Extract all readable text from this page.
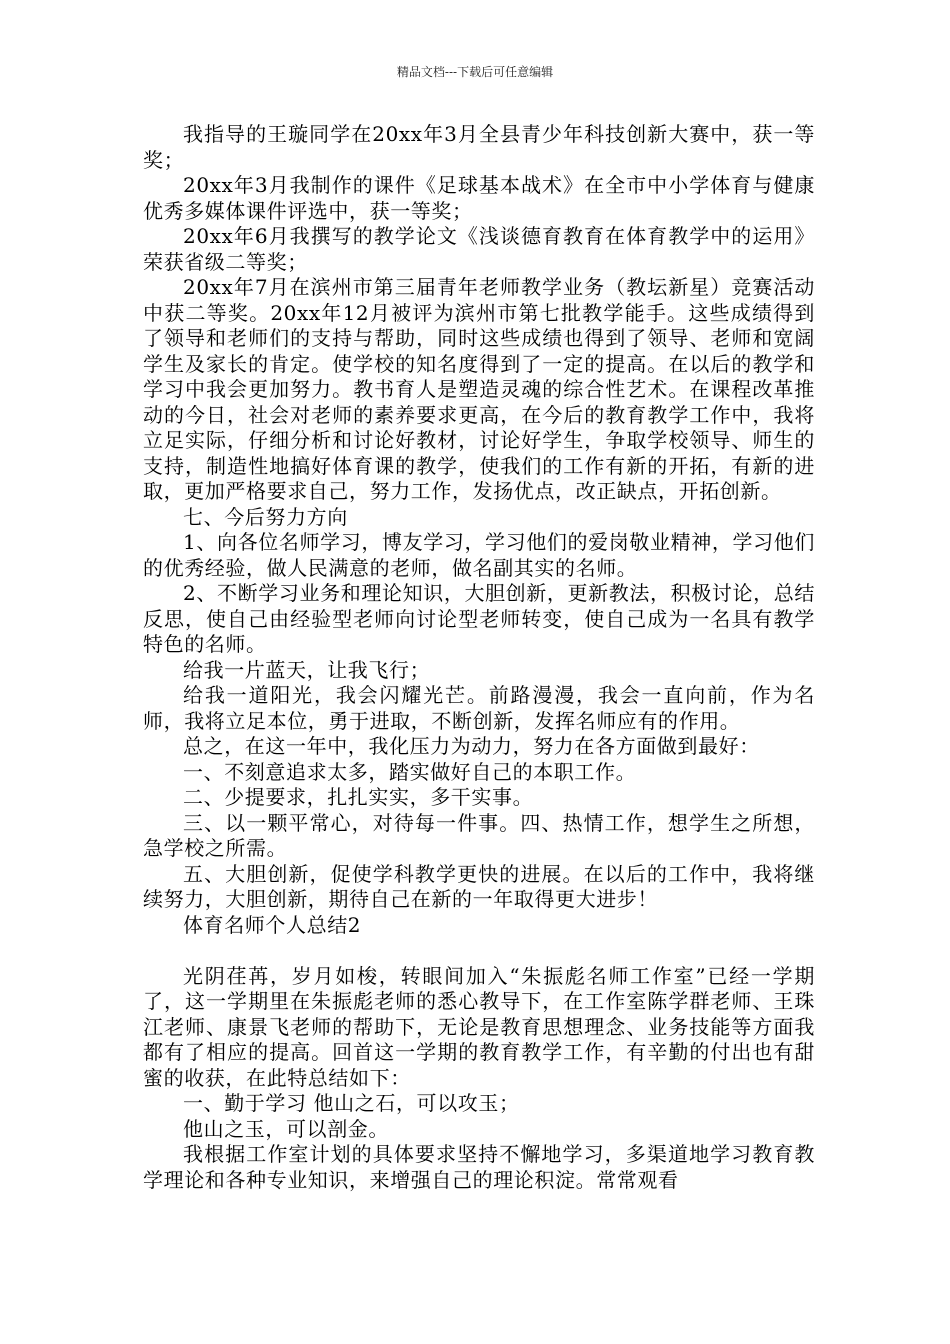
精品文档---下载后可任意编辑

我指导的王璇同学在20xx年3月全县青少年科技创新大赛中，获一等奖；

20xx年3月我制作的课件《足球基本战术》在全市中小学体育与健康优秀多媒体课件评选中，获一等奖；

20xx年6月我撰写的教学论文《浅谈德育教育在体育教学中的运用》荣获省级二等奖；

20xx年7月在滨州市第三届青年老师教学业务（教坛新星）竞赛活动中获二等奖。20xx年12月被评为滨州市第七批教学能手。这些成绩得到了领导和老师们的支持与帮助，同时这些成绩也得到了领导、老师和宽阔学生及家长的肯定。使学校的知名度得到了一定的提高。在以后的教学和学习中我会更加努力。教书育人是塑造灵魂的综合性艺术。在课程改革推动的今日，社会对老师的素养要求更高，在今后的教育教学工作中，我将立足实际，仔细分析和讨论好教材，讨论好学生，争取学校领导、师生的支持，制造性地搞好体育课的教学，使我们的工作有新的开拓，有新的进取，更加严格要求自己，努力工作，发扬优点，改正缺点，开拓创新。

七、今后努力方向

1、向各位名师学习，博友学习，学习他们的爱岗敬业精神，学习他们的优秀经验，做人民满意的老师，做名副其实的名师。

2、不断学习业务和理论知识，大胆创新，更新教法，积极讨论，总结反思，使自己由经验型老师向讨论型老师转变，使自己成为一名具有教学特色的名师。

给我一片蓝天，让我飞行；

给我一道阳光，我会闪耀光芒。前路漫漫，我会一直向前，作为名师，我将立足本位，勇于进取，不断创新，发挥名师应有的作用。

总之，在这一年中，我化压力为动力，努力在各方面做到最好：

一、不刻意追求太多，踏实做好自己的本职工作。

二、少提要求，扎扎实实，多干实事。

三、以一颗平常心，对待每一件事。四、热情工作，想学生之所想，急学校之所需。

五、大胆创新，促使学科教学更快的进展。在以后的工作中，我将继续努力，大胆创新，期待自己在新的一年取得更大进步！

体育名师个人总结2

光阴荏苒，岁月如梭，转眼间加入“朱振彪名师工作室”已经一学期了，这一学期里在朱振彪老师的悉心教导下，在工作室陈学群老师、王珠江老师、康景飞老师的帮助下，无论是教育思想理念、业务技能等方面我都有了相应的提高。回首这一学期的教育教学工作，有辛勤的付出也有甜蜜的收获，在此特总结如下：

一、勤于学习 他山之石，可以攻玉；

他山之玉，可以剖金。

我根据工作室计划的具体要求坚持不懈地学习，多渠道地学习教育教学理论和各种专业知识，来增强自己的理论积淀。常常观看
